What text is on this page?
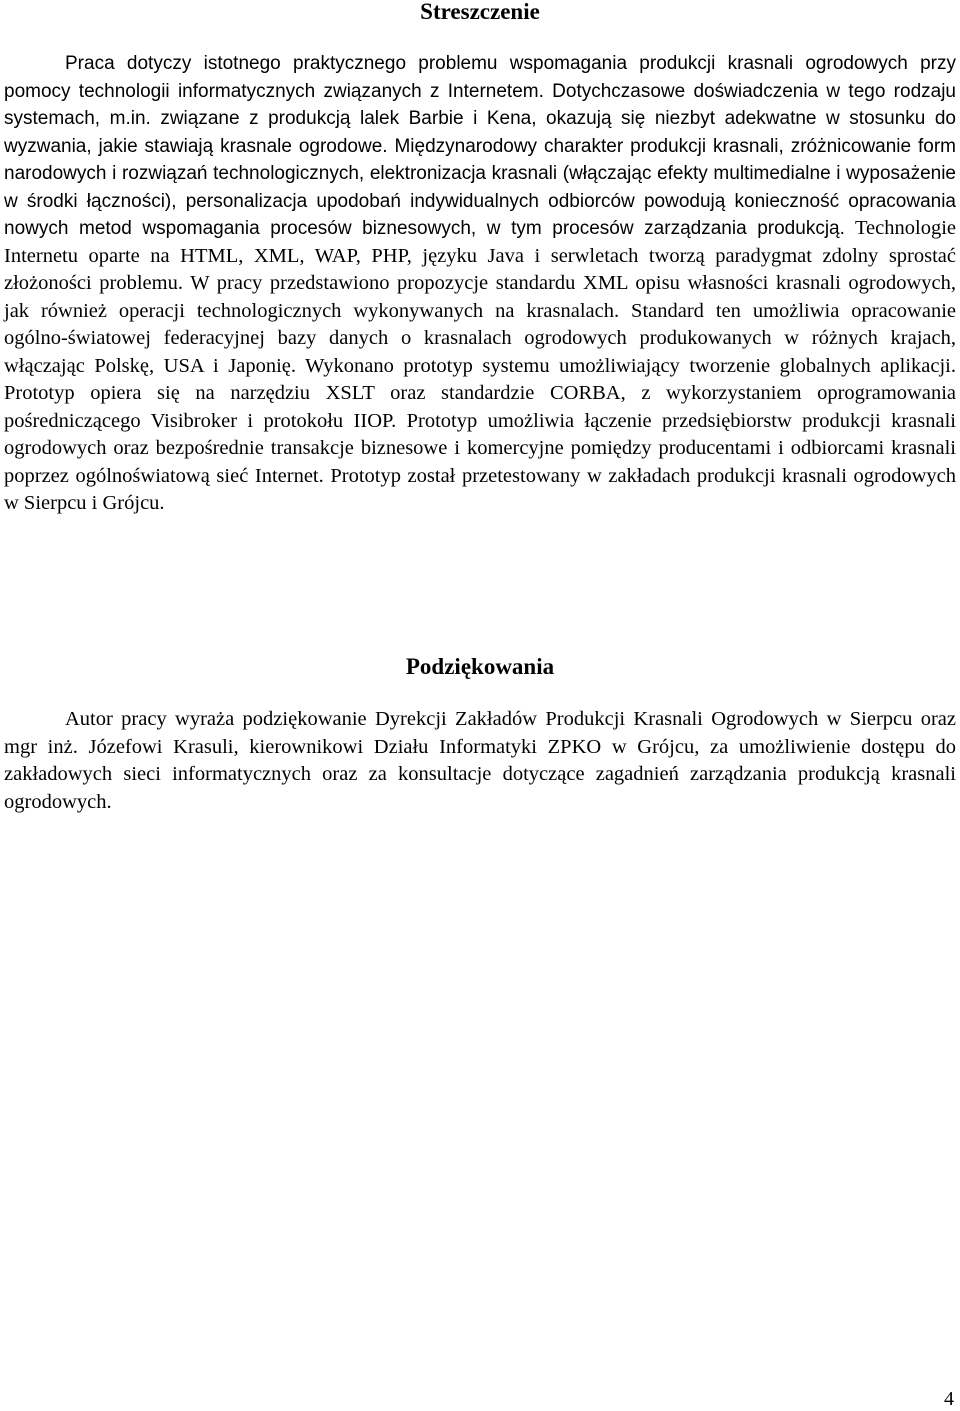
Streszczenie

Praca dotyczy istotnego praktycznego problemu wspomagania produkcji krasnali ogrodowych przy pomocy technologii informatycznych związanych z Internetem. Dotychczasowe doświadczenia w tego rodzaju systemach, m.in. związane z produkcją lalek Barbie i Kena, okazują się niezbyt adekwatne w stosunku do wyzwania, jakie stawiają krasnale ogrodowe. Międzynarodowy charakter produkcji krasnali, zróżnicowanie form narodowych i rozwiązań technologicznych, elektronizacja krasnali (włączając efekty multimedialne i wyposażenie w środki łączności), personalizacja upodobań indywidualnych odbiorców powodują konieczność opracowania nowych metod wspomagania procesów biznesowych, w tym procesów zarządzania produkcją. Technologie Internetu oparte na HTML, XML, WAP, PHP, języku Java i serwletach tworzą paradygmat zdolny sprostać złożoności problemu. W pracy przedstawiono propozycje standardu XML opisu własności krasnali ogrodowych, jak również operacji technologicznych wykonywanych na krasnalach. Standard ten umożliwia opracowanie ogólno-światowej federacyjnej bazy danych o krasnalach ogrodowych produkowanych w różnych krajach, włączając Polskę, USA i Japonię. Wykonano prototyp systemu umożliwiający tworzenie globalnych aplikacji. Prototyp opiera się na narzędziu XSLT oraz standardzie CORBA, z wykorzystaniem oprogramowania pośredniczącego Visibroker i protokołu IIOP. Prototyp umożliwia łączenie przedsiębiorstw produkcji krasnali ogrodowych oraz bezpośrednie transakcje biznesowe i komercyjne pomiędzy producentami i odbiorcami krasnali poprzez ogólnoświatową sieć Internet. Prototyp został przetestowany w zakładach produkcji krasnali ogrodowych w Sierpcu i Grójcu.

Podziękowania

Autor pracy wyraża podziękowanie Dyrekcji Zakładów Produkcji Krasnali Ogrodowych w Sierpcu oraz mgr inż. Józefowi Krasuli, kierownikowi Działu Informatyki ZPKO w Grójcu, za umożliwienie dostępu do zakładowych sieci informatycznych oraz za konsultacje dotyczące zagadnień zarządzania produkcją krasnali ogrodowych.

4
